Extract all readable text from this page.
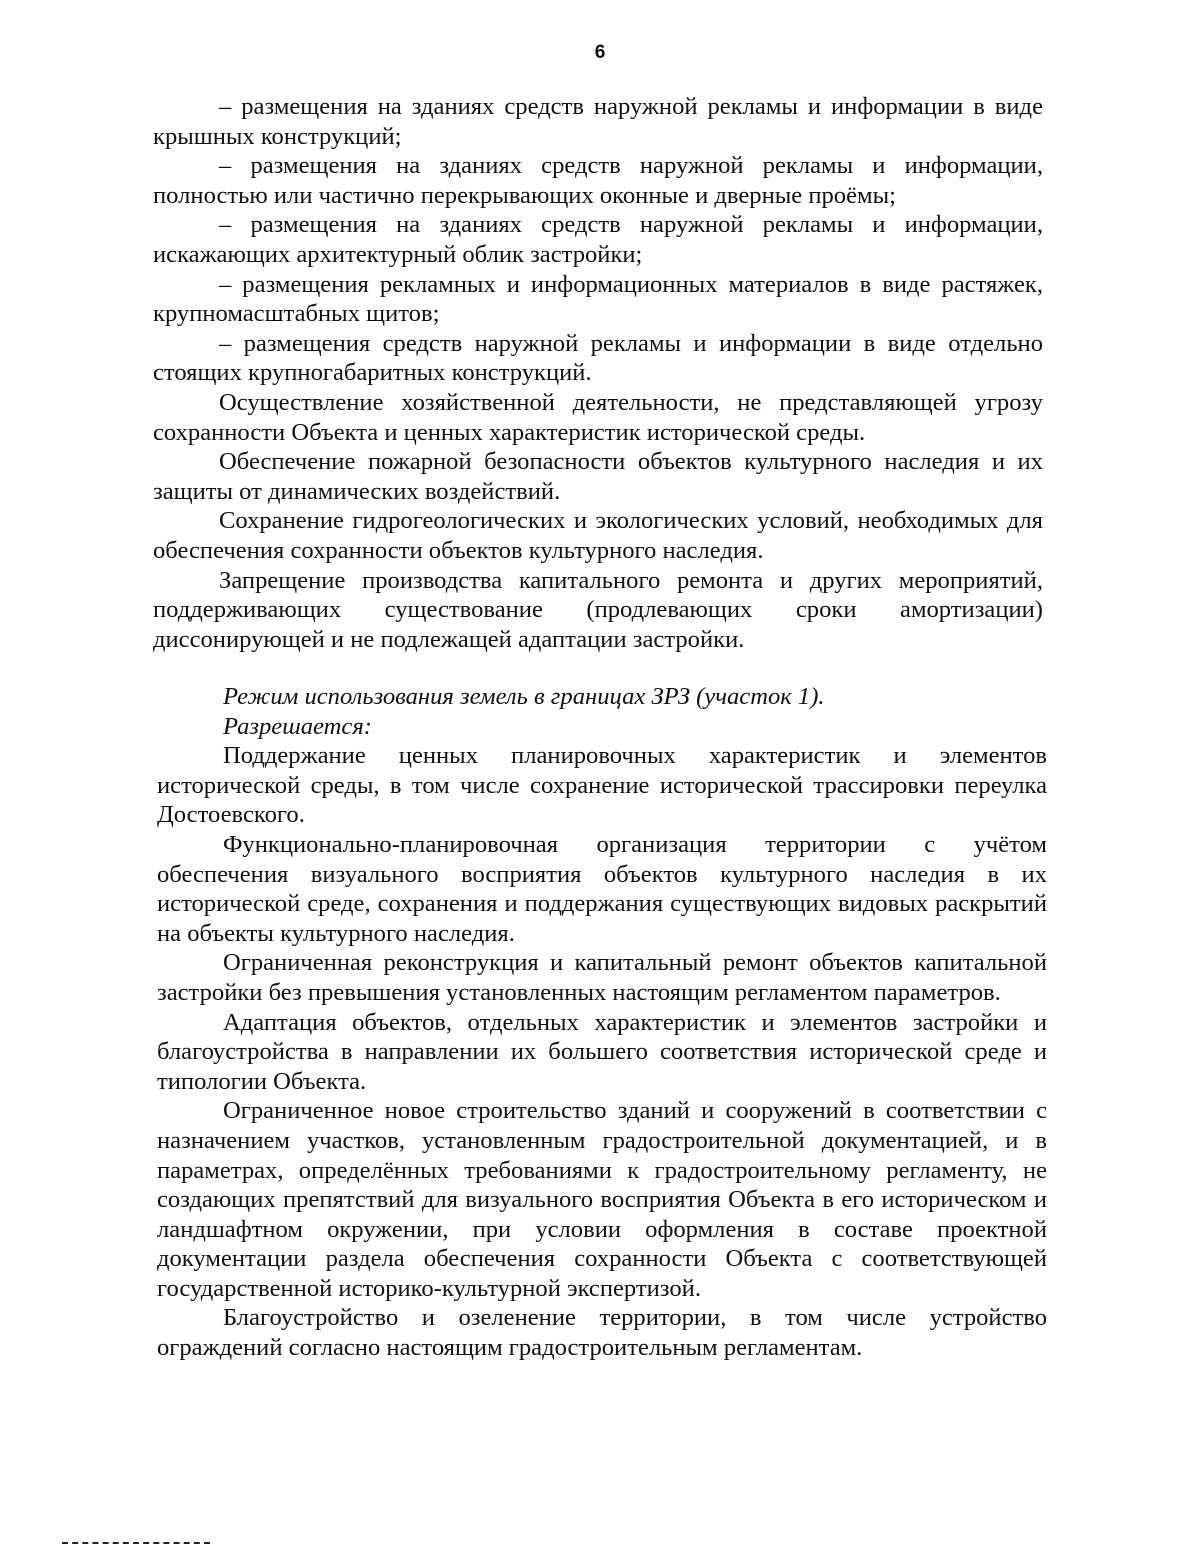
6

– размещения на зданиях средств наружной рекламы и информации в виде крышных конструкций;

– размещения на зданиях средств наружной рекламы и информации, полностью или частично перекрывающих оконные и дверные проёмы;

– размещения на зданиях средств наружной рекламы и информации, искажающих архитектурный облик застройки;

– размещения рекламных и информационных материалов в виде растяжек, крупномасштабных щитов;

– размещения средств наружной рекламы и информации в виде отдельно стоящих крупногабаритных конструкций.

Осуществление хозяйственной деятельности, не представляющей угрозу сохранности Объекта и ценных характеристик исторической среды.

Обеспечение пожарной безопасности объектов культурного наследия и их защиты от динамических воздействий.

Сохранение гидрогеологических и экологических условий, необходимых для обеспечения сохранности объектов культурного наследия.

Запрещение производства капитального ремонта и других мероприятий, поддерживающих существование (продлевающих сроки амортизации) диссонирующей и не подлежащей адаптации застройки.

Режим использования земель в границах ЗРЗ (участок 1).

Разрешается:

Поддержание ценных планировочных характеристик и элементов исторической среды, в том числе сохранение исторической трассировки переулка Достоевского.

Функционально-планировочная организация территории с учётом обеспечения визуального восприятия объектов культурного наследия в их исторической среде, сохранения и поддержания существующих видовых раскрытий на объекты культурного наследия.

Ограниченная реконструкция и капитальный ремонт объектов капитальной застройки без превышения установленных настоящим регламентом параметров.

Адаптация объектов, отдельных характеристик и элементов застройки и благоустройства в направлении их большего соответствия исторической среде и типологии Объекта.

Ограниченное новое строительство зданий и сооружений в соответствии с назначением участков, установленным градостроительной документацией, и в параметрах, определённых требованиями к градостроительному регламенту, не создающих препятствий для визуального восприятия Объекта в его историческом и ландшафтном окружении, при условии оформления в составе проектной документации раздела обеспечения сохранности Объекта с соответствующей государственной историко-культурной экспертизой.

Благоустройство и озеленение территории, в том числе устройство ограждений согласно настоящим градостроительным регламентам.
